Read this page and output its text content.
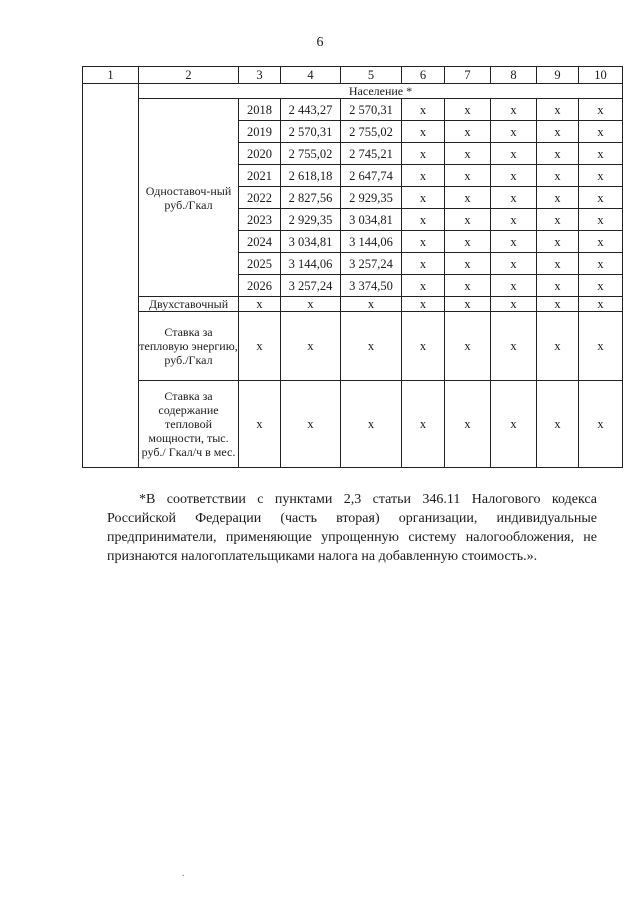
6
1	2	3	4	5	6	7	8	9	10
	Население *								
	Одноставоч-ный руб./Гкал	2018	2 443,27	2 570,31	x	x	x	x	x
		2019	2 570,31	2 755,02	x	x	x	x	x
		2020	2 755,02	2 745,21	x	x	x	x	x
		2021	2 618,18	2 647,74	x	x	x	x	x
		2022	2 827,56	2 929,35	x	x	x	x	x
		2023	2 929,35	3 034,81	x	x	x	x	x
		2024	3 034,81	3 144,06	x	x	x	x	x
		2025	3 144,06	3 257,24	x	x	x	x	x
		2026	3 257,24	3 374,50	x	x	x	x	x
	Двухставочный	x	x	x	x	x	x	x	x
	Ставка за тепловую энергию, руб./Гкал	x	x	x	x	x	x	x	x
	Ставка за содержание тепловой мощности, тыс. руб./ Гкал/ч в мес.	x	x	x	x	x	x	x	x

*В соответствии с пунктами 2,3 статьи 346.11 Налогового кодекса Российской Федерации (часть вторая) организации, индивидуальные предприниматели, применяющие упрощенную систему налогообложения, не признаются налогоплательщиками налога на добавленную стоимость.».

.
